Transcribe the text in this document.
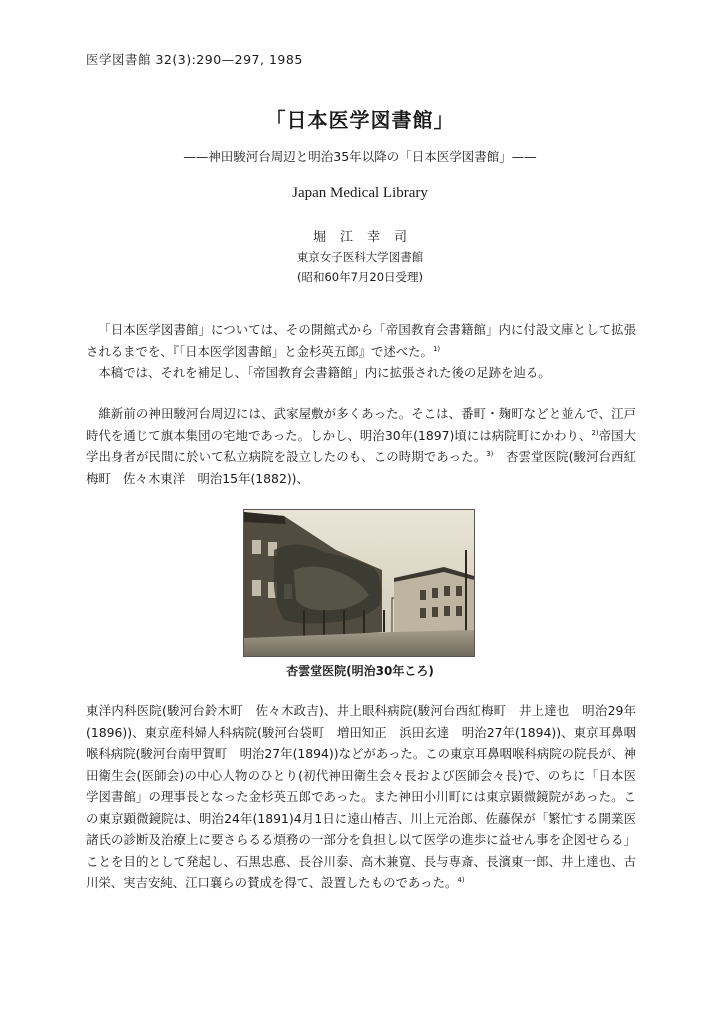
医学図書館 32(3):290—297, 1985
「日本医学図書館」
——神田駿河台周辺と明治35年以降の「日本医学図書館」——
Japan Medical Library
堀江幸司
東京女子医科大学図書館
(昭和60年7月20日受理)

「日本医学図書館」については、その開館式から「帝国教育会書籍館」内に付設文庫として拡張されるまでを、『「日本医学図書館」と金杉英五郎』で述べた。$^{1)}$

本稿では、それを補足し、「帝国教育会書籍館」内に拡張された後の足跡を辿る。

維新前の神田駿河台周辺には、武家屋敷が多くあった。そこは、番町・麹町などと並んで、江戸時代を通じて旗本集団の宅地であった。しかし、明治30年(1897)頃には病院町にかわり、$^{2)}$帝国大学出身者が民間に於いて私立病院を設立したのも、この時期であった。$^{3)}$　 杏雲堂医院(駿河台西紅梅町　佐々木東洋　明治15年(1882))、

杏雲堂医院(明治30年ころ)

東洋内科医院(駿河台鈴木町　佐々木政吉)、井上眼科病院(駿河台西紅梅町　井上達也　明治29年(1896))、東京産科婦人科病院(駿河台袋町　増田知正　浜田玄達　明治27年(1894))、東京耳鼻咽喉科病院(駿河台南甲賀町　明治27年(1894))などがあった。この東京耳鼻咽喉科病院の院長が、神田衛生会(医師会)の中心人物のひとり(初代神田衛生会々長および医師会々長)で、のちに「日本医学図書館」の理事長となった金杉英五郎であった。また神田小川町には東京顕微鏡院があった。この東京顕微鏡院は、明治24年(1891)4月1日に遠山椿吉、川上元治郎、佐藤保が「繁忙する開業医諸氏の診断及治療上に要さらるる煩務の一部分を負担し以て医学の進歩に益せん事を企図せらる」ことを目的として発起し、石黒忠悳、長谷川泰、高木兼寛、長与専斎、長濱東一郎、井上達也、古川栄、実吉安純、江口襄らの賛成を得て、設置したものであった。$^{4)}$
